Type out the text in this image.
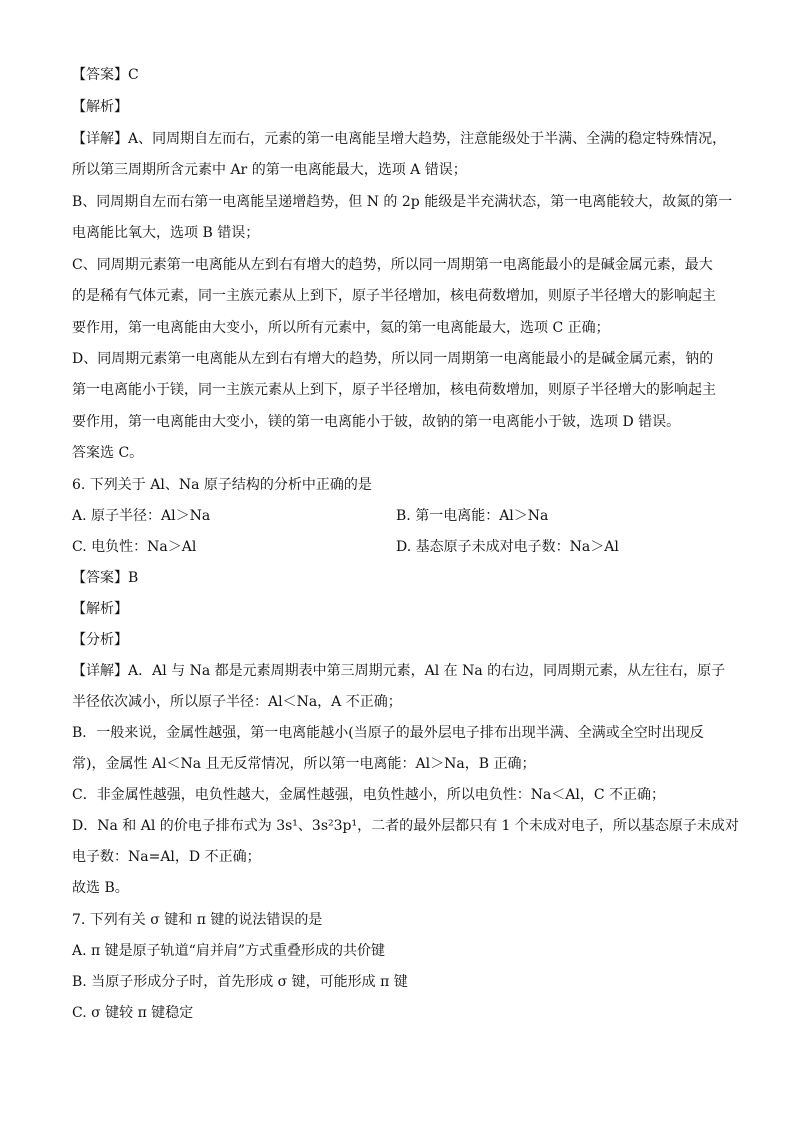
【答案】C
【解析】
【详解】A、同周期自左而右，元素的第一电离能呈增大趋势，注意能级处于半满、全满的稳定特殊情况，
所以第三周期所含元素中 Ar 的第一电离能最大，选项 A 错误；
B、同周期自左而右第一电离能呈递增趋势，但 N 的 2p 能级是半充满状态，第一电离能较大，故氮的第一
电离能比氧大，选项 B 错误；
C、同周期元素第一电离能从左到右有增大的趋势，所以同一周期第一电离能最小的是碱金属元素，最大
的是稀有气体元素，同一主族元素从上到下，原子半径增加，核电荷数增加，则原子半径增大的影响起主
要作用，第一电离能由大变小，所以所有元素中，氦的第一电离能最大，选项 C 正确；
D、同周期元素第一电离能从左到右有增大的趋势，所以同一周期第一电离能最小的是碱金属元素，钠的
第一电离能小于镁，同一主族元素从上到下，原子半径增加，核电荷数增加，则原子半径增大的影响起主
要作用，第一电离能由大变小，镁的第一电离能小于铍，故钠的第一电离能小于铍，选项 D 错误。
答案选 C。
6. 下列关于 Al、Na 原子结构的分析中正确的是
A. 原子半径：Al＞Na	B. 第一电离能：Al＞Na
C. 电负性：Na＞Al	D. 基态原子未成对电子数：Na＞Al
【答案】B
【解析】
【分析】
【详解】A．Al 与 Na 都是元素周期表中第三周期元素，Al 在 Na 的右边，同周期元素，从左往右，原子
半径依次减小，所以原子半径：Al＜Na，A 不正确；
B．一般来说，金属性越强，第一电离能越小(当原子的最外层电子排布出现半满、全满或全空时出现反
常)，金属性 Al＜Na 且无反常情况，所以第一电离能：Al＞Na，B 正确；
C．非金属性越强，电负性越大，金属性越强，电负性越小，所以电负性：Na＜Al，C 不正确；
D．Na 和 Al 的价电子排布式为 3s¹、3s²3p¹，二者的最外层都只有 1 个未成对电子，所以基态原子未成对
电子数：Na=Al，D 不正确；
故选 B。
7. 下列有关 σ 键和 π 键的说法错误的是
A. π 键是原子轨道“肩并肩”方式重叠形成的共价键
B. 当原子形成分子时，首先形成 σ 键，可能形成 π 键
C. σ 键较 π 键稳定
